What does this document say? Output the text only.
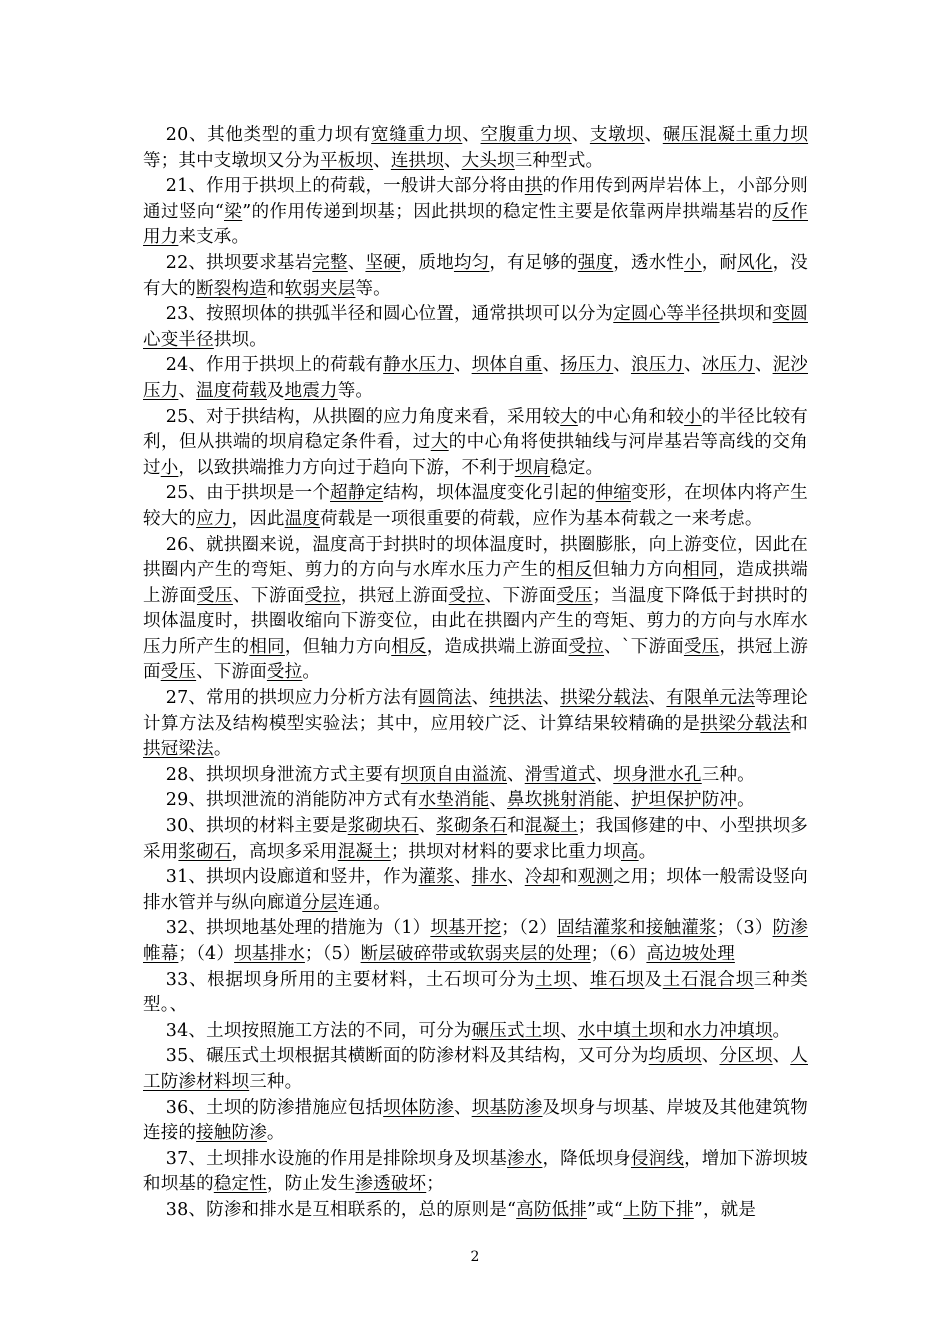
20、其他类型的重力坝有宽缝重力坝、空腹重力坝、支墩坝、碾压混凝土重力坝等；其中支墩坝又分为平板坝、连拱坝、大头坝三种型式。

21、作用于拱坝上的荷载，一般讲大部分将由拱的作用传到两岸岩体上，小部分则通过竖向“梁”的作用传递到坝基；因此拱坝的稳定性主要是依靠两岸拱端基岩的反作用力来支承。

22、拱坝要求基岩完整、坚硬，质地均匀，有足够的强度，透水性小，耐风化，没有大的断裂构造和软弱夹层等。

23、按照坝体的拱弧半径和圆心位置，通常拱坝可以分为定圆心等半径拱坝和变圆心变半径拱坝。

24、作用于拱坝上的荷载有静水压力、坝体自重、扬压力、浪压力、冰压力、泥沙压力、温度荷载及地震力等。

25、对于拱结构，从拱圈的应力角度来看，采用较大的中心角和较小的半径比较有利，但从拱端的坝肩稳定条件看，过大的中心角将使拱轴线与河岸基岩等高线的交角过小，以致拱端推力方向过于趋向下游，不利于坝肩稳定。

25、由于拱坝是一个超静定结构，坝体温度变化引起的伸缩变形，在坝体内将产生较大的应力，因此温度荷载是一项很重要的荷载，应作为基本荷载之一来考虑。

26、就拱圈来说，温度高于封拱时的坝体温度时，拱圈膨胀，向上游变位，因此在拱圈内产生的弯矩、剪力的方向与水库水压力产生的相反但轴力方向相同，造成拱端上游面受压、下游面受拉，拱冠上游面受拉、下游面受压；当温度下降低于封拱时的坝体温度时，拱圈收缩向下游变位，由此在拱圈内产生的弯矩、剪力的方向与水库水压力所产生的相同，但轴力方向相反，造成拱端上游面受拉、`下游面受压，拱冠上游面受压、下游面受拉。

27、常用的拱坝应力分析方法有圆筒法、纯拱法、拱梁分载法、有限单元法等理论计算方法及结构模型实验法；其中，应用较广泛、计算结果较精确的是拱梁分载法和拱冠梁法。

28、拱坝坝身泄流方式主要有坝顶自由溢流、滑雪道式、坝身泄水孔三种。

29、拱坝泄流的消能防冲方式有水垫消能、鼻坎挑射消能、护坦保护防冲。

30、拱坝的材料主要是浆砌块石、浆砌条石和混凝土；我国修建的中、小型拱坝多采用浆砌石，高坝多采用混凝土；拱坝对材料的要求比重力坝高。

31、拱坝内设廊道和竖井，作为灌浆、排水、冷却和观测之用；坝体一般需设竖向排水管并与纵向廊道分层连通。

32、拱坝地基处理的措施为（1）坝基开挖；（2）固结灌浆和接触灌浆；（3）防渗帷幕；（4）坝基排水；（5）断层破碎带或软弱夹层的处理；（6）高边坡处理

33、根据坝身所用的主要材料，土石坝可分为土坝、堆石坝及土石混合坝三种类型。、

34、土坝按照施工方法的不同，可分为碾压式土坝、水中填土坝和水力冲填坝。

35、碾压式土坝根据其横断面的防渗材料及其结构，又可分为均质坝、分区坝、人工防渗材料坝三种。

36、土坝的防渗措施应包括坝体防渗、坝基防渗及坝身与坝基、岸坡及其他建筑物连接的接触防渗。

37、土坝排水设施的作用是排除坝身及坝基渗水，降低坝身侵润线，增加下游坝坡和坝基的稳定性，防止发生渗透破坏；

38、防渗和排水是互相联系的，总的原则是“高防低排”或“上防下排”，就是

2
